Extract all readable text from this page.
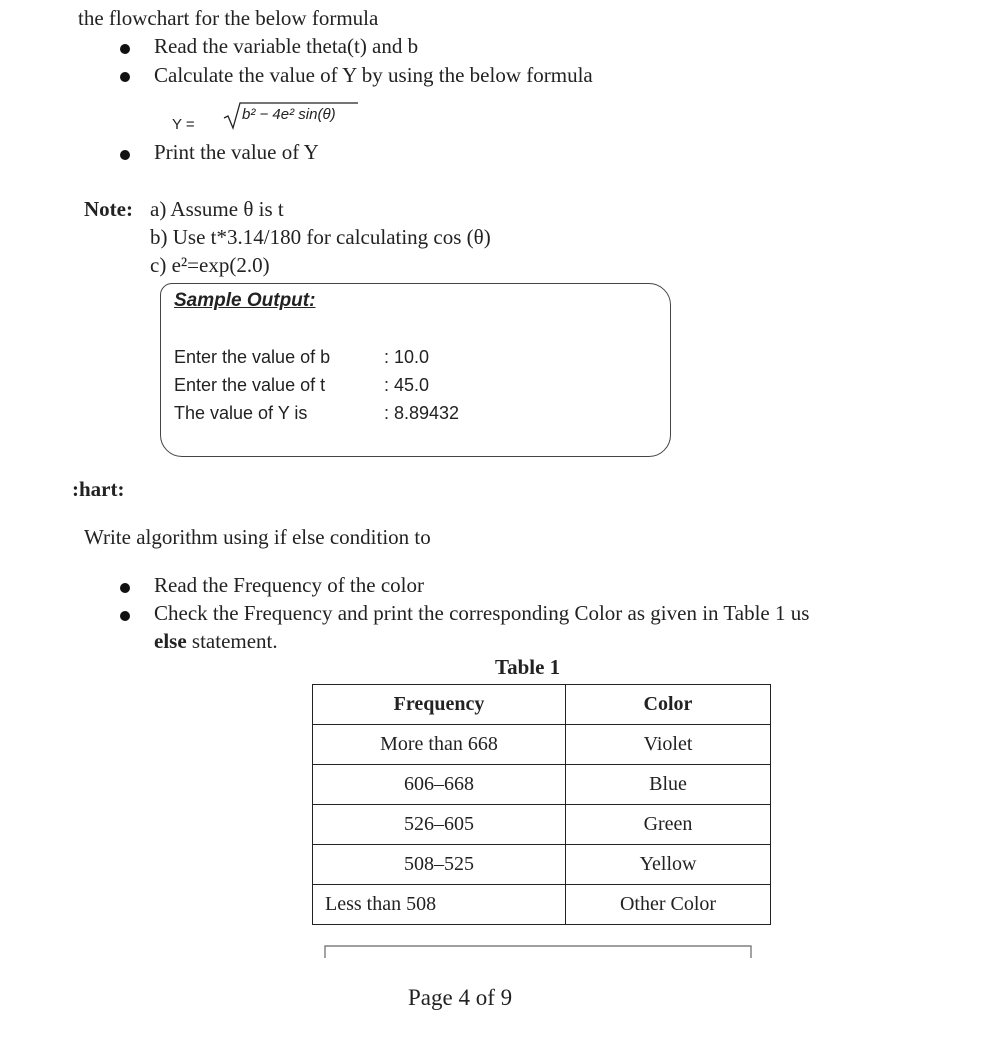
the flowchart for the below formula
Read the variable theta(t) and b
Calculate the value of Y by using the below formula
Y =
b² − 4e² sin(θ)
Print the value of Y
Note: a) Assume θ is t
b) Use t*3.14/180 for calculating cos (θ)
c) e²=exp(2.0)
Sample Output:
Enter the value of b	: 10.0
Enter the value of t	: 45.0
The value of Y is	: 8.89432
:hart:
Write algorithm using if else condition to
Read the Frequency of the color
Check the Frequency and print the corresponding Color as given in Table 1 us
else statement.
Table 1
Frequency	Color
More than 668	Violet
606–668	Blue
526–605	Green
508–525	Yellow
Less than 508	Other Color
Page 4 of 9
